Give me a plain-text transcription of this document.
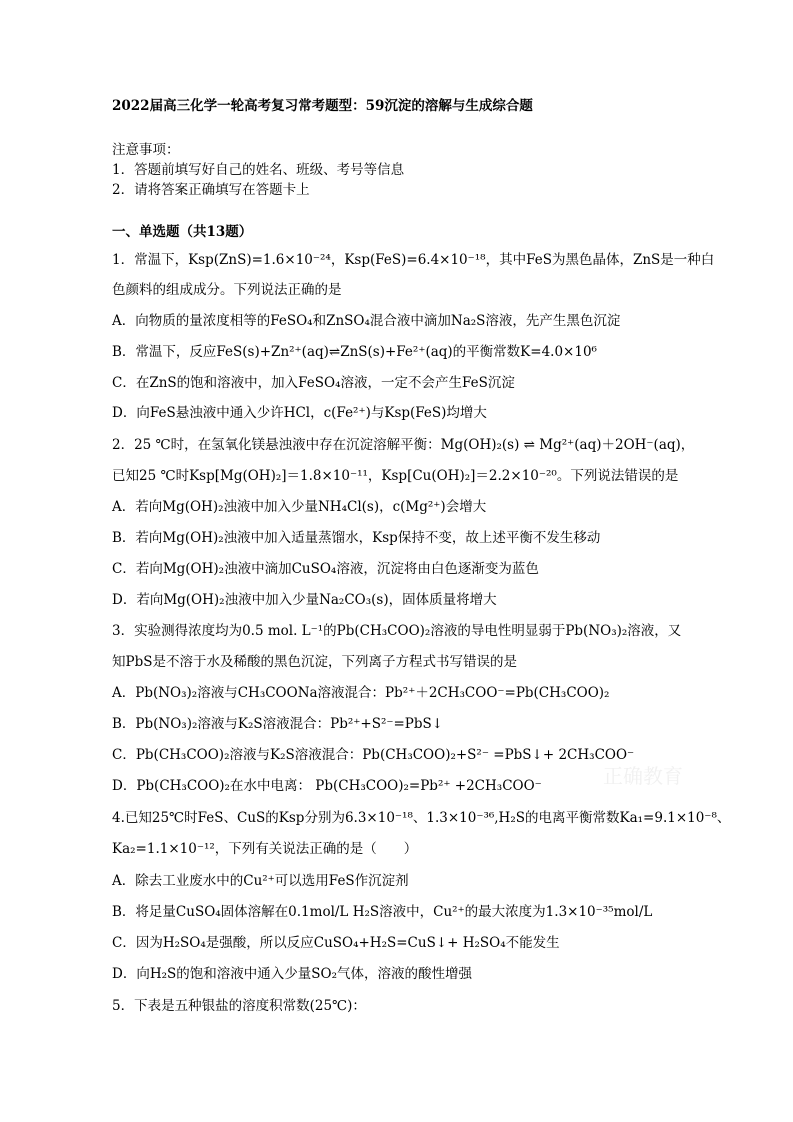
2022届高三化学一轮高考复习常考题型：59沉淀的溶解与生成综合题
注意事项：
1．答题前填写好自己的姓名、班级、考号等信息
2．请将答案正确填写在答题卡上
一、单选题（共13题）
1．常温下，Ksp(ZnS)=1.6×10⁻²⁴，Ksp(FeS)=6.4×10⁻¹⁸，其中FeS为黑色晶体，ZnS是一种白
色颜料的组成成分。下列说法正确的是
A．向物质的量浓度相等的FeSO₄和ZnSO₄混合液中滴加Na₂S溶液，先产生黑色沉淀
B．常温下，反应FeS(s)+Zn²⁺(aq)⇌ZnS(s)+Fe²⁺(aq)的平衡常数K=4.0×10⁶
C．在ZnS的饱和溶液中，加入FeSO₄溶液，一定不会产生FeS沉淀
D．向FeS悬浊液中通入少许HCl，c(Fe²⁺)与Ksp(FeS)均增大
2．25 ℃时，在氢氧化镁悬浊液中存在沉淀溶解平衡：Mg(OH)₂(s) ⇌ Mg²⁺(aq)＋2OH⁻(aq)，
已知25 ℃时Ksp[Mg(OH)₂]＝1.8×10⁻¹¹，Ksp[Cu(OH)₂]＝2.2×10⁻²⁰。下列说法错误的是
A．若向Mg(OH)₂浊液中加入少量NH₄Cl(s)，c(Mg²⁺)会增大
B．若向Mg(OH)₂浊液中加入适量蒸馏水，Ksp保持不变，故上述平衡不发生移动
C．若向Mg(OH)₂浊液中滴加CuSO₄溶液，沉淀将由白色逐渐变为蓝色
D．若向Mg(OH)₂浊液中加入少量Na₂CO₃(s)，固体质量将增大
3．实验测得浓度均为0.5 mol. L⁻¹的Pb(CH₃COO)₂溶液的导电性明显弱于Pb(NO₃)₂溶液，又
知PbS是不溶于水及稀酸的黑色沉淀，下列离子方程式书写错误的是
A．Pb(NO₃)₂溶液与CH₃COONa溶液混合：Pb²⁺＋2CH₃COO⁻=Pb(CH₃COO)₂
B．Pb(NO₃)₂溶液与K₂S溶液混合：Pb²⁺+S²⁻=PbS↓
C．Pb(CH₃COO)₂溶液与K₂S溶液混合：Pb(CH₃COO)₂+S²⁻ =PbS↓+ 2CH₃COO⁻
D．Pb(CH₃COO)₂在水中电离： Pb(CH₃COO)₂=Pb²⁺ +2CH₃COO⁻
4.已知25℃时FeS、CuS的Ksp分别为6.3×10⁻¹⁸、1.3×10⁻³⁶,H₂S的电离平衡常数Ka₁=9.1×10⁻⁸、
Ka₂=1.1×10⁻¹²，下列有关说法正确的是（　　）
A．除去工业废水中的Cu²⁺可以选用FeS作沉淀剂
B．将足量CuSO₄固体溶解在0.1mol/L H₂S溶液中，Cu²⁺的最大浓度为1.3×10⁻³⁵mol/L
C．因为H₂SO₄是强酸，所以反应CuSO₄+H₂S=CuS↓+ H₂SO₄不能发生
D．向H₂S的饱和溶液中通入少量SO₂气体，溶液的酸性增强
5．下表是五种银盐的溶度积常数(25℃)：
正确教育
